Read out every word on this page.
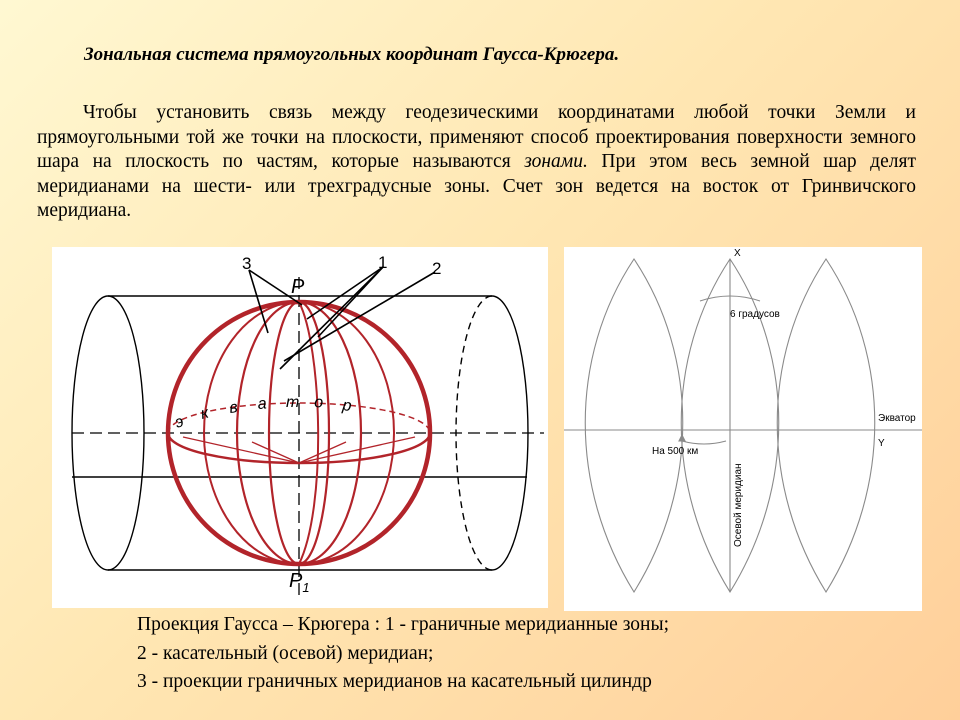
Зональная система прямоугольных координат Гаусса-Крюгера.
Чтобы установить связь между геодезическими координатами любой точки Земли и прямоугольными той же точки на плоскости, применяют способ проектирования поверхности земного шара на плоскость по частям, которые называются зонами. При этом весь земной шар делят меридианами на шести- или трехградусные зоны. Счет зон ведется на восток от Гринвичского меридиана.
3	1	2
P
$P_1$
э к в а т о р
X
Y
6 градусов
Экватор
На 500 км
Осевой меридиан
Проекция Гаусса – Крюгера : 1 - граничные меридианные зоны;
2 - касательный (осевой) меридиан;
3 - проекции граничных меридианов на касательный цилиндр
